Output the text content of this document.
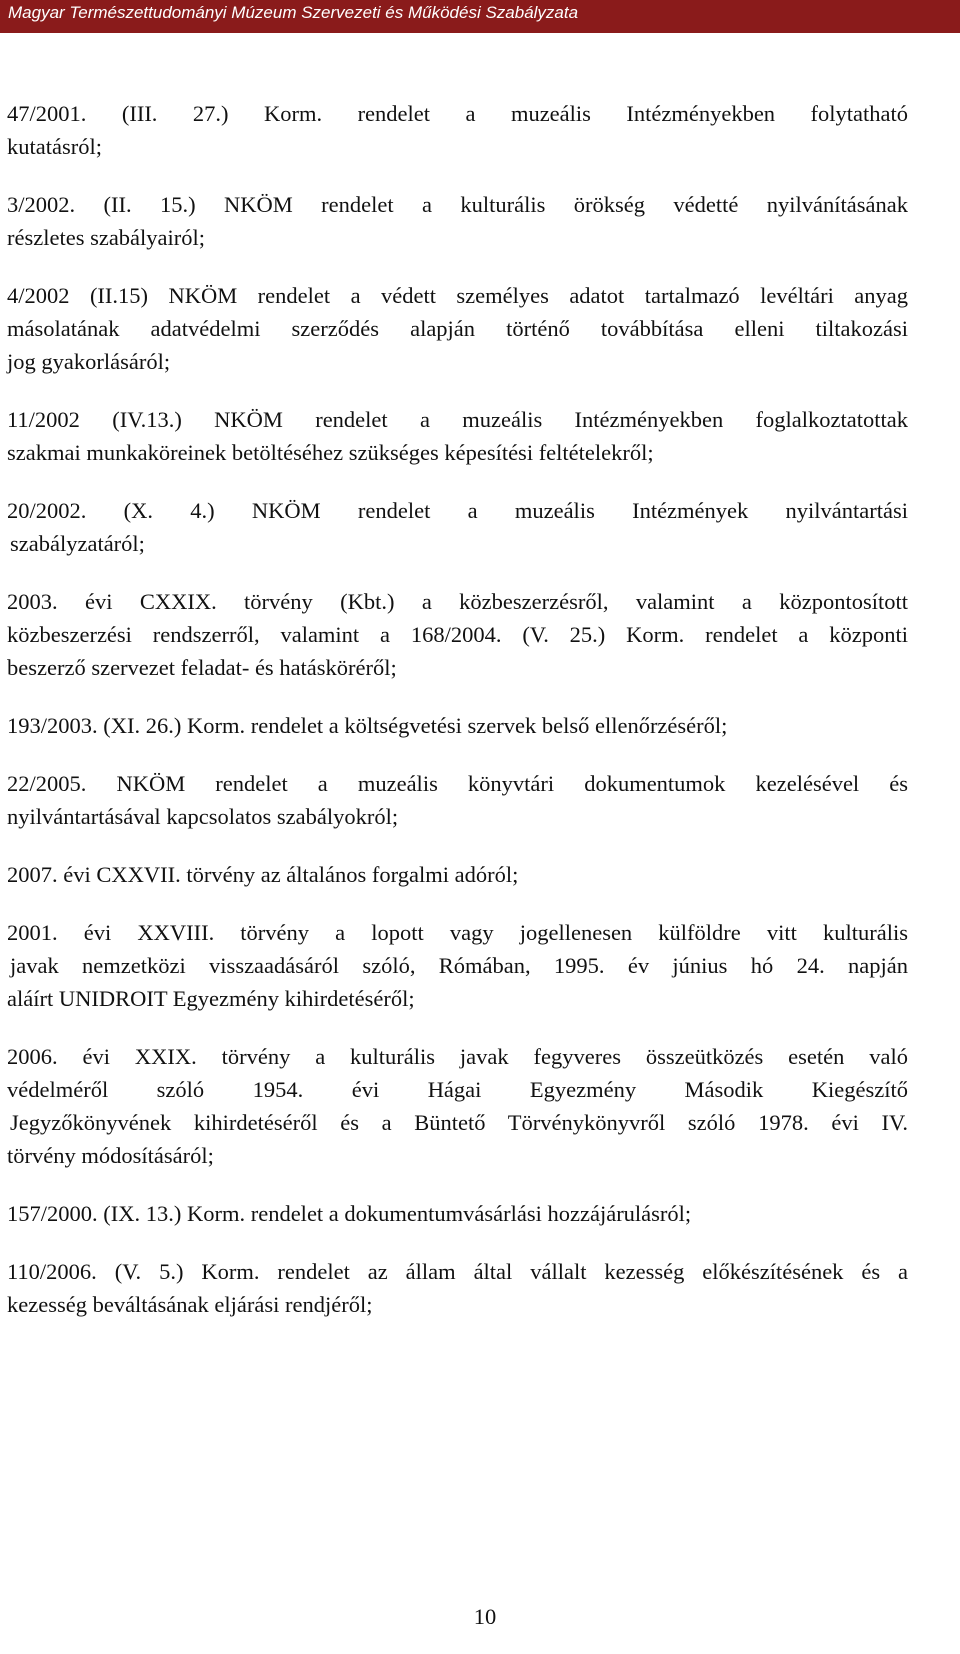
Magyar Természettudományi Múzeum Szervezeti és Működési Szabályzata
47/2001. (III. 27.) Korm. rendelet a muzeális Intézményekben folytatható
kutatásról;
3/2002. (II. 15.) NKÖM rendelet a kulturális örökség védetté nyilvánításának
részletes szabályairól;
4/2002 (II.15) NKÖM rendelet a védett személyes adatot tartalmazó levéltári anyag
másolatának adatvédelmi szerződés alapján történő továbbítása elleni tiltakozási
jog gyakorlásáról;
11/2002 (IV.13.) NKÖM rendelet a muzeális Intézményekben foglalkoztatottak
szakmai munkaköreinek betöltéséhez szükséges képesítési feltételekről;
20/2002. (X. 4.) NKÖM rendelet a muzeális Intézmények nyilvántartási
szabályzatáról;
2003. évi CXXIX. törvény (Kbt.) a közbeszerzésről, valamint a központosított
közbeszerzési rendszerről, valamint a 168/2004. (V. 25.) Korm. rendelet a központi
beszerző szervezet feladat- és hatásköréről;
193/2003. (XI. 26.) Korm. rendelet a költségvetési szervek belső ellenőrzéséről;
22/2005. NKÖM rendelet a muzeális könyvtári dokumentumok kezelésével és
nyilvántartásával kapcsolatos szabályokról;
2007. évi CXXVII. törvény az általános forgalmi adóról;
2001. évi XXVIII. törvény a lopott vagy jogellenesen külföldre vitt kulturális
javak nemzetközi visszaadásáról szóló, Rómában, 1995. év június hó 24. napján
aláírt UNIDROIT Egyezmény kihirdetéséről;
2006. évi XXIX. törvény a kulturális javak fegyveres összeütközés esetén való
védelméről szóló 1954. évi Hágai Egyezmény Második Kiegészítő
Jegyzőkönyvének kihirdetéséről és a Büntető Törvénykönyvről szóló 1978. évi IV.
törvény módosításáról;
157/2000. (IX. 13.) Korm. rendelet a dokumentumvásárlási hozzájárulásról;
110/2006. (V. 5.) Korm. rendelet az állam által vállalt kezesség előkészítésének és a
kezesség beváltásának eljárási rendjéről;
10
